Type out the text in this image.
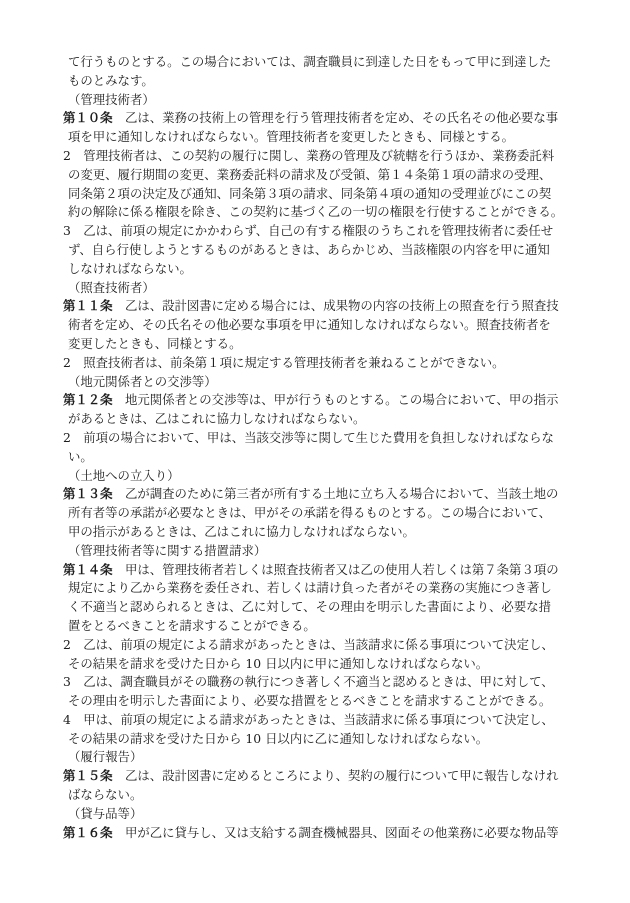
て行うものとする。この場合においては、調査職員に到達した日をもって甲に到達した
ものとみなす。
（管理技術者）
第１０条　乙は、業務の技術上の管理を行う管理技術者を定め、その氏名その他必要な事
項を甲に通知しなければならない。管理技術者を変更したときも、同様とする。
2　管理技術者は、この契約の履行に関し、業務の管理及び統轄を行うほか、業務委託料
の変更、履行期間の変更、業務委託料の請求及び受領、第１４条第１項の請求の受理、
同条第２項の決定及び通知、同条第３項の請求、同条第４項の通知の受理並びにこの契
約の解除に係る権限を除き、この契約に基づく乙の一切の権限を行使することができる。
3　乙は、前項の規定にかかわらず、自己の有する権限のうちこれを管理技術者に委任せ
ず、自ら行使しようとするものがあるときは、あらかじめ、当該権限の内容を甲に通知
しなければならない。
（照査技術者）
第１１条　乙は、設計図書に定める場合には、成果物の内容の技術上の照査を行う照査技
術者を定め、その氏名その他必要な事項を甲に通知しなければならない。照査技術者を
変更したときも、同様とする。
2　照査技術者は、前条第１項に規定する管理技術者を兼ねることができない。
（地元関係者との交渉等）
第１２条　地元関係者との交渉等は、甲が行うものとする。この場合において、甲の指示
があるときは、乙はこれに協力しなければならない。
2　前項の場合において、甲は、当該交渉等に関して生じた費用を負担しなければならな
い。
（土地への立入り）
第１３条　乙が調査のために第三者が所有する土地に立ち入る場合において、当該土地の
所有者等の承諾が必要なときは、甲がその承諾を得るものとする。この場合において、
甲の指示があるときは、乙はこれに協力しなければならない。
（管理技術者等に関する措置請求）
第１４条　甲は、管理技術者若しくは照査技術者又は乙の使用人若しくは第７条第３項の
規定により乙から業務を委任され、若しくは請け負った者がその業務の実施につき著し
く不適当と認められるときは、乙に対して、その理由を明示した書面により、必要な措
置をとるべきことを請求することができる。
2　乙は、前項の規定による請求があったときは、当該請求に係る事項について決定し、
その結果を請求を受けた日から 10 日以内に甲に通知しなければならない。
3　乙は、調査職員がその職務の執行につき著しく不適当と認めるときは、甲に対して、
その理由を明示した書面により、必要な措置をとるべきことを請求することができる。
4　甲は、前項の規定による請求があったときは、当該請求に係る事項について決定し、
その結果の請求を受けた日から 10 日以内に乙に通知しなければならない。
（履行報告）
第１５条　乙は、設計図書に定めるところにより、契約の履行について甲に報告しなけれ
ばならない。
（貸与品等）
第１６条　甲が乙に貸与し、又は支給する調査機械器具、図面その他業務に必要な物品等
